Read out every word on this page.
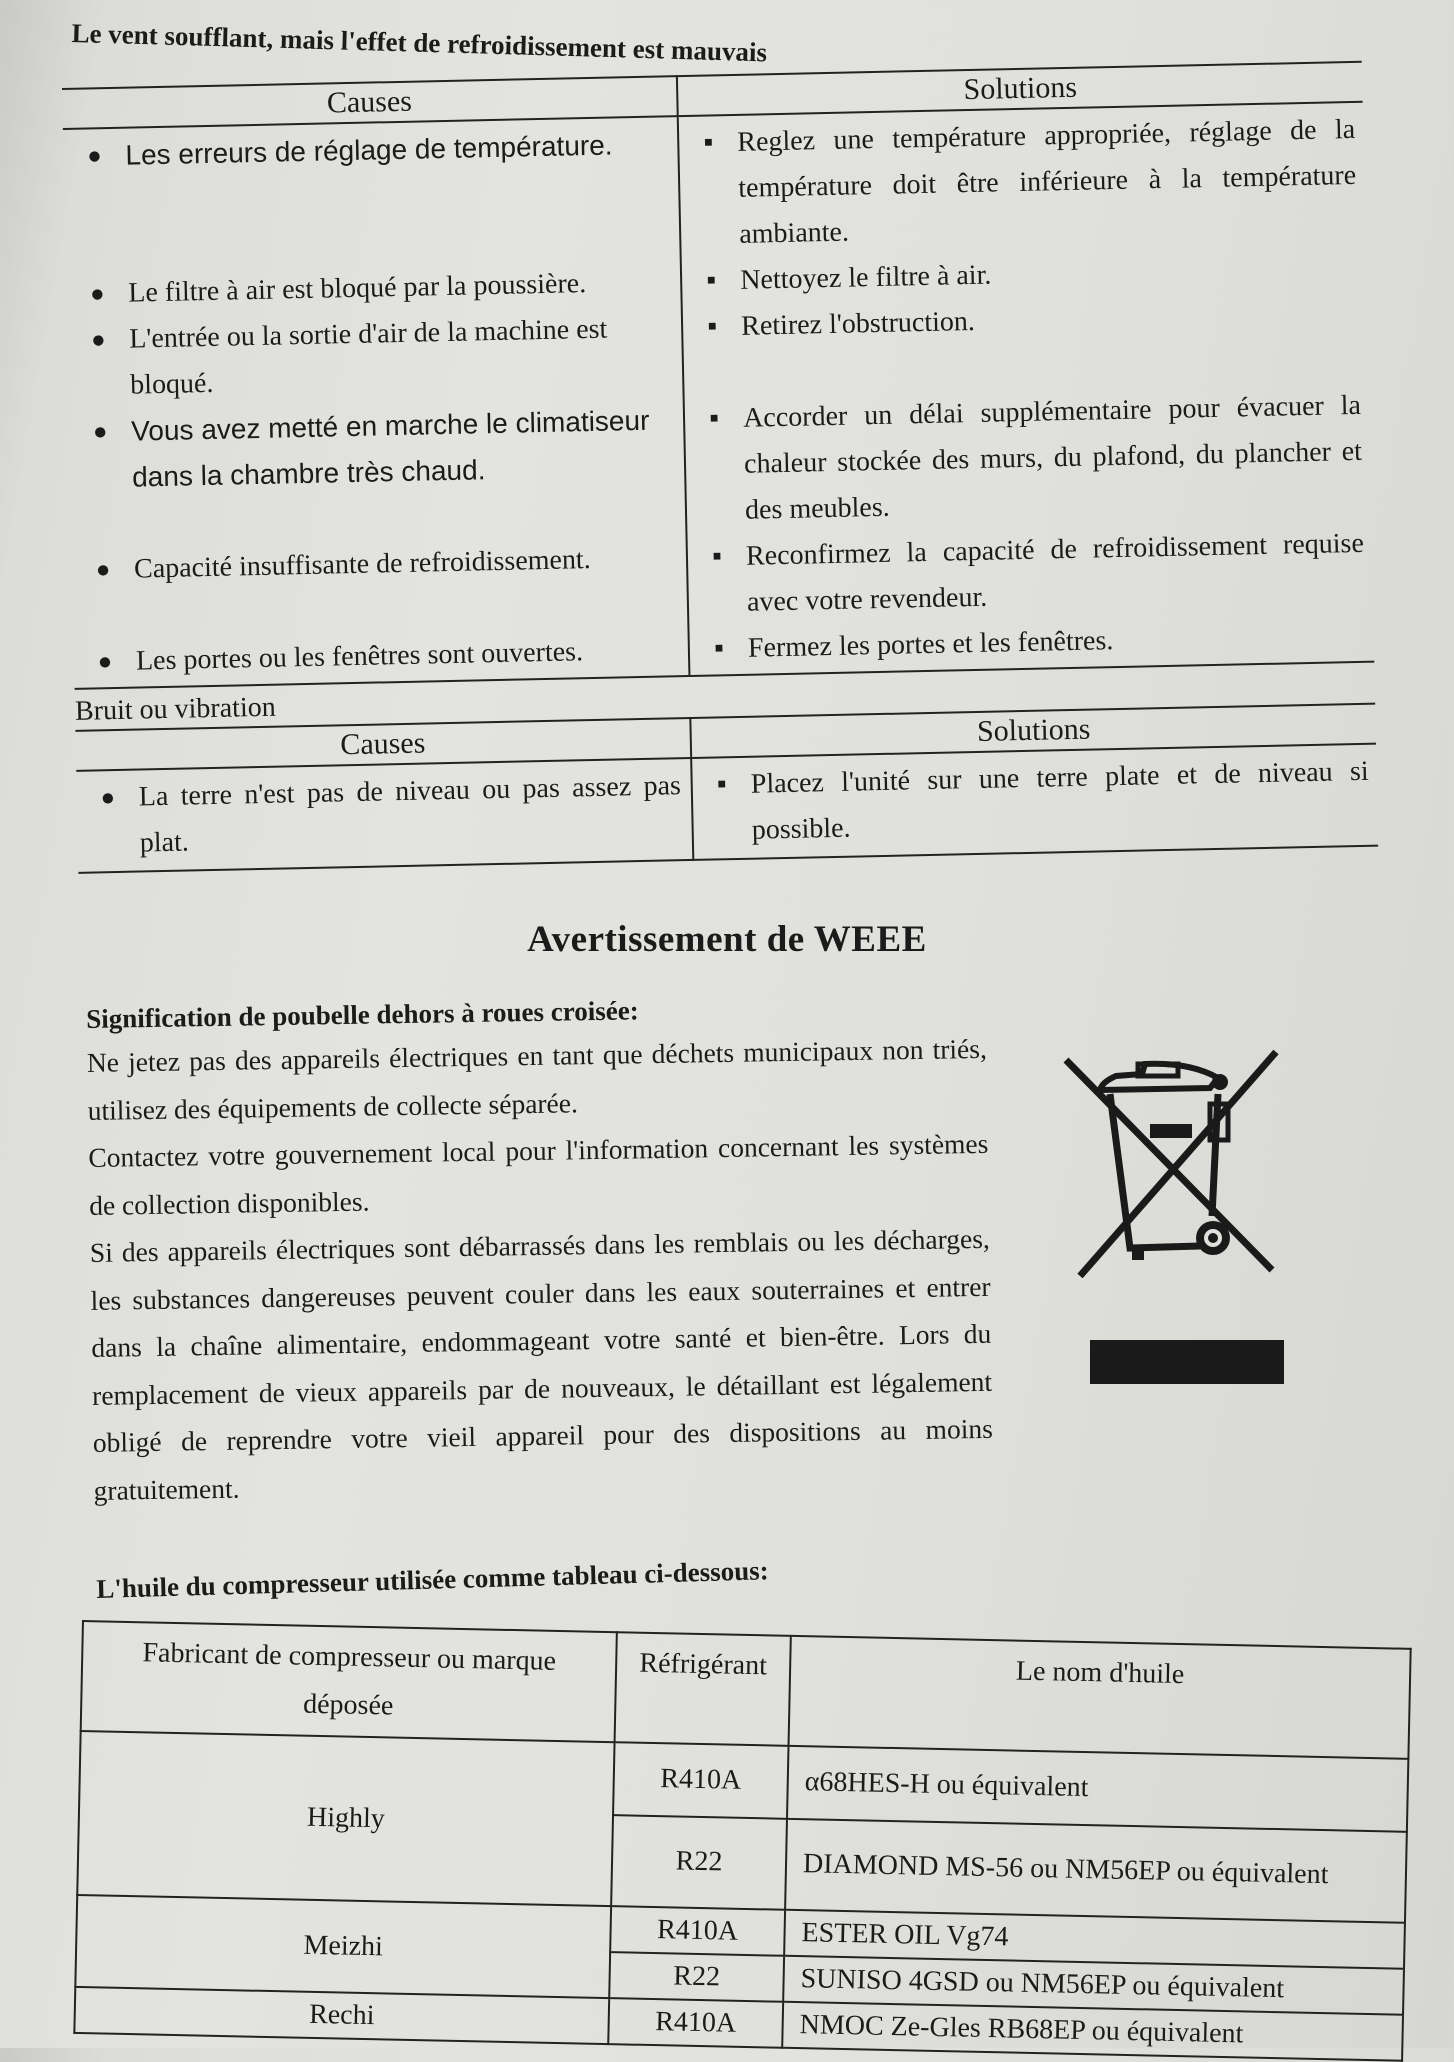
Le vent soufflant, mais l'effet de refroidissement est mauvais
Causes	Solutions

● Les erreurs de réglage de température.	■ Reglez une température appropriée, réglage de la température doit être inférieure à la température ambiante.

● Le filtre à air est bloqué par la poussière.	■ Nettoyez le filtre à air.

● L'entrée ou la sortie d'air de la machine est bloqué.	■ Retirez l'obstruction.

● Vous avez metté en marche le climatiseur dans la chambre très chaud.	■ Accorder un délai supplémentaire pour évacuer la chaleur stockée des murs, du plafond, du plancher et des meubles.

● Capacité insuffisante de refroidissement.	■ Reconfirmez la capacité de refroidissement requise avec votre revendeur.

● Les portes ou les fenêtres sont ouvertes.	■ Fermez les portes et les fenêtres.

Bruit ou vibration	
Causes	Solutions

● La terre n'est pas de niveau ou pas assez pas plat.	■ Placez l'unité sur une terre plate et de niveau si possible.
Avertissement de WEEE
Signification de poubelle dehors à roues croisée:

Ne jetez pas des appareils électriques en tant que déchets municipaux non triés, utilisez des équipements de collecte séparée.

Contactez votre gouvernement local pour l'information concernant les systèmes de collection disponibles.

Si des appareils électriques sont débarrassés dans les remblais ou les décharges, les substances dangereuses peuvent couler dans les eaux souterraines et entrer dans la chaîne alimentaire, endommageant votre santé et bien-être. Lors du remplacement de vieux appareils par de nouveaux, le détaillant est légalement obligé de reprendre votre vieil appareil pour des dispositions au moins gratuitement.

L'huile du compresseur utilisée comme tableau ci-dessous:
Fabricant de compresseur ou marque déposée	Réfrigérant	Le nom d'huile
Highly	R410A	α68HES-H ou équivalent
	R22	DIAMOND MS-56 ou NM56EP ou équivalent
Meizhi	R410A	ESTER OIL Vg74
	R22	SUNISO 4GSD ou NM56EP ou équivalent
Rechi	R410A	NMOC Ze-Gles RB68EP ou équivalent
